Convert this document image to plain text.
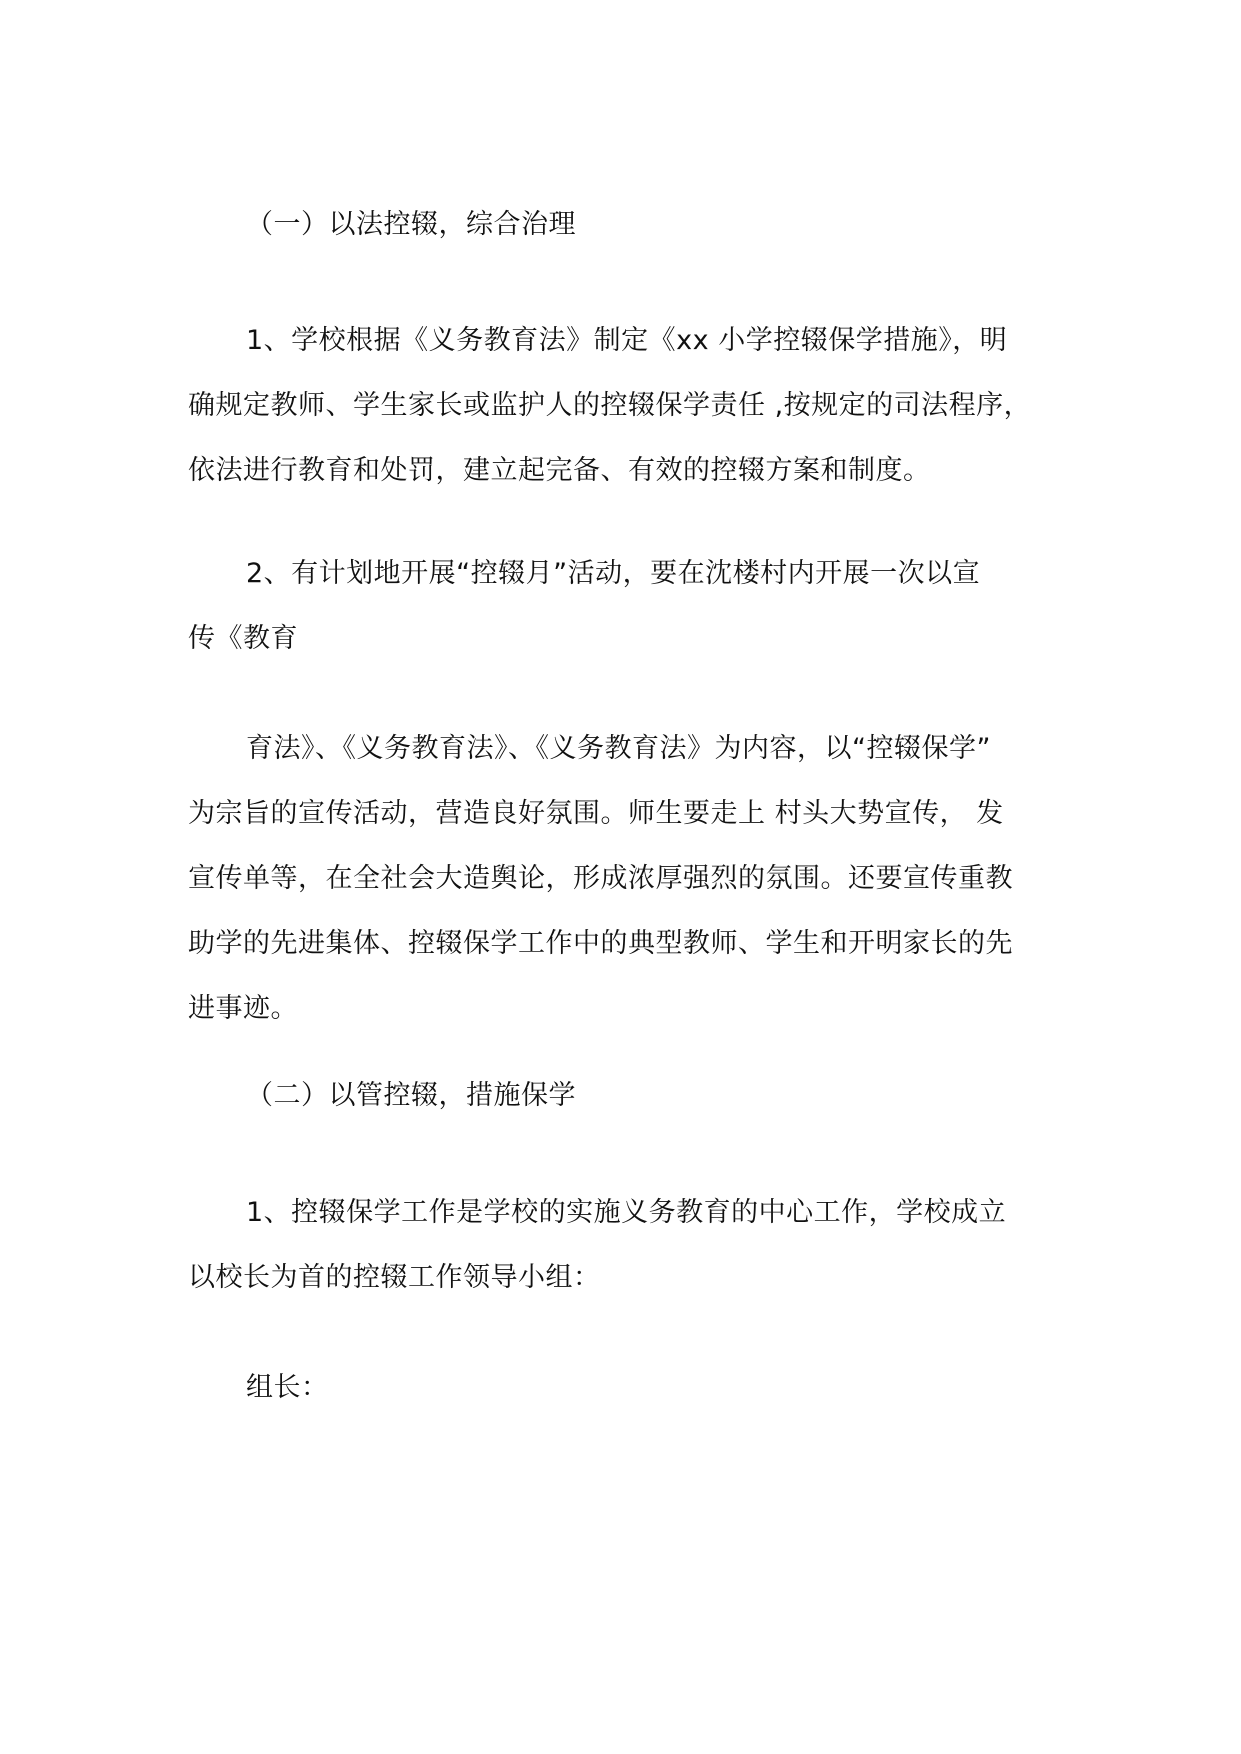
（一）以法控辍，综合治理

1、学校根据《义务教育法》制定《xx 小学控辍保学措施》，明
确规定教师、学生家长或监护人的控辍保学责任 ,按规定的司法程序，
依法进行教育和处罚，建立起完备、有效的控辍方案和制度。

2、有计划地开展“控辍月”活动，要在沈楼村内开展一次以宣
传《教育

育法》、《义务教育法》、《义务教育法》为内容，以“控辍保学”
为宗旨的宣传活动，营造良好氛围。师生要走上 村头大势宣传， 发
宣传单等，在全社会大造舆论，形成浓厚强烈的氛围。还要宣传重教
助学的先进集体、控辍保学工作中的典型教师、学生和开明家长的先
进事迹。

（二）以管控辍，措施保学

1、控辍保学工作是学校的实施义务教育的中心工作，学校成立
以校长为首的控辍工作领导小组：

组长：
